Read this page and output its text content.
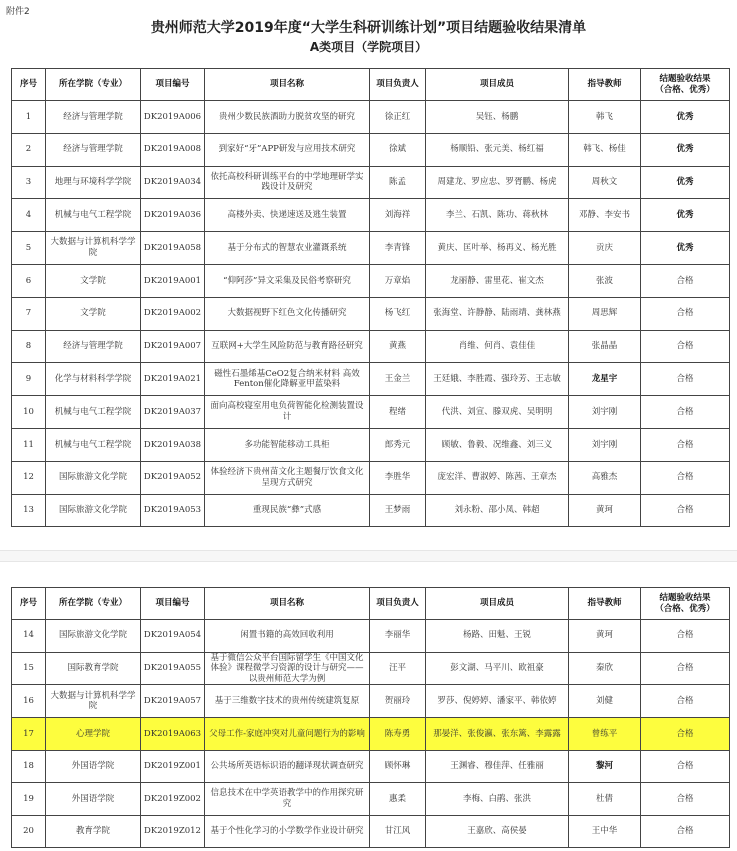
附件2
贵州师范大学2019年度“大学生科研训练计划”项目结题验收结果清单
A类项目（学院项目）
序号	所在学院（专业）	项目编号	项目名称	项目负责人	项目成员	指导教师	结题验收结果
（合格、优秀）
1	经济与管理学院	DK2019A006	贵州少数民族酒助力脱贫攻坚的研究	徐正红	吴钰、杨鹏	韩飞	优秀
2	经济与管理学院	DK2019A008	到家好“牙”APP研发与应用技术研究	徐斌	杨顺铅、张元美、杨红福	韩飞、杨佳	优秀
3	地理与环境科学学院	DK2019A034	依托高校科研训练平台的中学地理研学实践设计及研究	陈孟	周建龙、罗应忠、罗胥鹏、杨虎	周秋文	优秀
4	机械与电气工程学院	DK2019A036	高楼外卖、快递速送及逃生装置	刘海祥	李兰、石凯、陈功、蒋秋林	邓静、李安书	优秀
5	大数据与计算机科学学院	DK2019A058	基于分布式的智慧农业灌溉系统	李青锋	黄庆、匡叶举、杨再义、杨光胜	贡庆	优秀
6	文学院	DK2019A001	“仰阿莎”异文采集及民俗考察研究	万章焰	龙丽静、雷里花、崔文杰	张波	合格
7	文学院	DK2019A002	大数据视野下红色文化传播研究	杨飞红	张海堂、许静静、陆雨靖、龚林燕	周思辉	合格
8	经济与管理学院	DK2019A007	互联网+大学生风险防范与教育路径研究	黄燕	肖维、何肖、袁佳佳	张晶晶	合格
9	化学与材料科学学院	DK2019A021	磁性石墨烯基CeO2复合纳米材料 高效Fenton催化降解亚甲蓝染料	王金兰	王廷娥、李胜霞、强玲芳、王志敏	龙星宇	合格
10	机械与电气工程学院	DK2019A037	面向高校寝室用电负荷智能化检测装置设计	程绪	代洪、刘宣、滕双虎、吴明明	刘宇刚	合格
11	机械与电气工程学院	DK2019A038	多功能智能移动工具柜	郎秀元	顾敏、鲁毅、况维鑫、刘三义	刘宇刚	合格
12	国际旅游文化学院	DK2019A052	体验经济下贵州苗文化主题餐厅饮食文化呈现方式研究	李胜华	庞宏洋、曹淑婷、陈茜、王章杰	高雅杰	合格
13	国际旅游文化学院	DK2019A053	重现民族“彝”式感	王梦雨	刘永粉、邵小凤、韩超	黄珂	合格
序号	所在学院（专业）	项目编号	项目名称	项目负责人	项目成员	指导教师	结题验收结果
（合格、优秀）
14	国际旅游文化学院	DK2019A054	闲置书籍的高效回收利用	李丽华	杨路、田魁、王锐	黄珂	合格
15	国际教育学院	DK2019A055	基于微信公众平台国际留学生《中国文化体验》课程微学习资源的设计与研究——以贵州师范大学为例	汪平	彭文湖、马平川、欧祖豪	秦欣	合格
16	大数据与计算机科学学院	DK2019A057	基于三维数字技术的贵州传统建筑复原	贺丽玲	罗莎、倪婷婷、潘家平、韩依婷	刘健	合格
17	心理学院	DK2019A063	父母工作-家庭冲突对儿童问题行为的影响	陈寿勇	那晏洋、张俊瀛、张东篱、李露露	曾练平	合格
18	外国语学院	DK2019Z001	公共场所英语标识语的翻译现状调查研究	顾怀琳	王渊睿、穆佳萍、任雅丽	黎河	合格
19	外国语学院	DK2019Z002	信息技术在中学英语教学中的作用探究研究	惠柔	李梅、白鹃、张洪	杜倩	合格
20	教育学院	DK2019Z012	基于个性化学习的小学数学作业设计研究	甘江风	王嘉欣、高侯晏	王中华	合格
